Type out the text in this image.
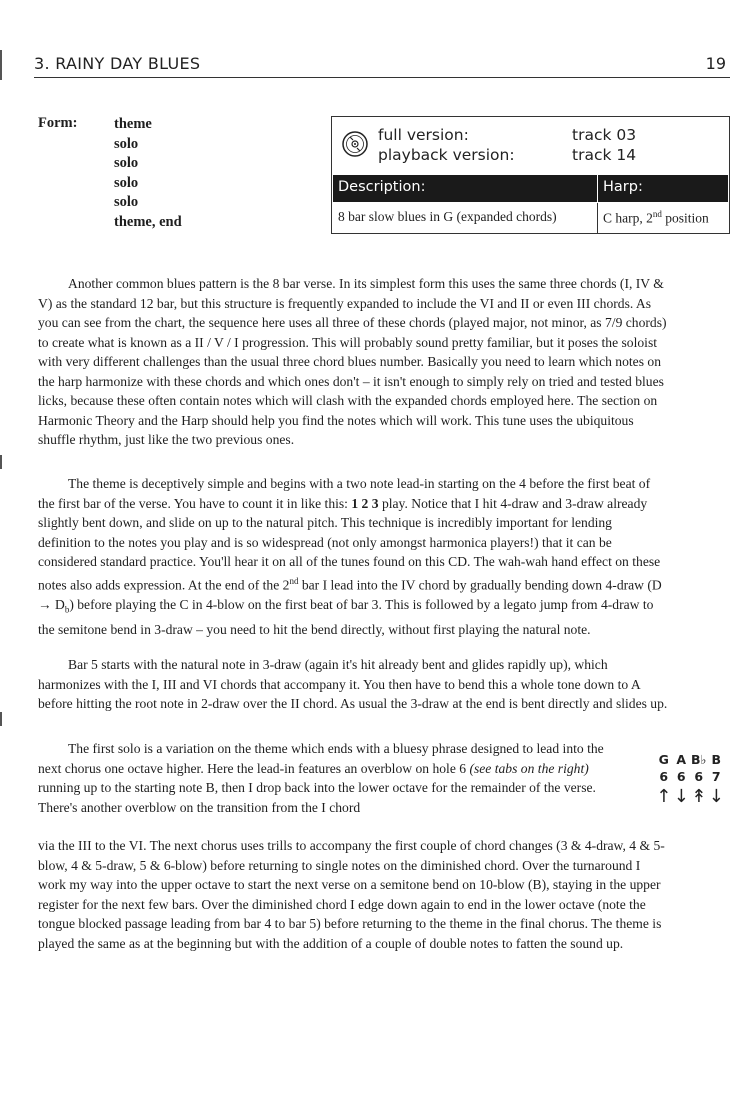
3. RAINY DAY BLUES	19
Form:	theme
solo
solo
solo
solo
theme, end
full version:	track 03
playback version:	track 14
Description:	Harp:
8 bar slow blues in G (expanded chords)	C harp, 2nd position

Another common blues pattern is the 8 bar verse. In its simplest form this uses the same three chords (I, IV & V) as the standard 12 bar, but this structure is frequently expanded to include the VI and II or even III chords. As you can see from the chart, the sequence here uses all three of these chords (played major, not minor, as 7/9 chords) to create what is known as a II / V / I progression. This will probably sound pretty familiar, but it poses the soloist with very different challenges than the usual three chord blues number. Basically you need to learn which notes on the harp harmonize with these chords and which ones don't – it isn't enough to simply rely on tried and tested blues licks, because these often contain notes which will clash with the expanded chords employed here. The section on Harmonic Theory and the Harp should help you find the notes which will work. This tune uses the ubiquitous shuffle rhythm, just like the two previous ones.

The theme is deceptively simple and begins with a two note lead-in starting on the 4 before the first beat of the first bar of the verse. You have to count it in like this: 1 2 3 play. Notice that I hit 4-draw and 3-draw already slightly bent down, and slide on up to the natural pitch. This technique is incredibly important for lending definition to the notes you play and is so widespread (not only amongst harmonica players!) that it can be considered standard practice. You'll hear it on all of the tunes found on this CD. The wah-wah hand effect on these notes also adds expression. At the end of the 2nd bar I lead into the IV chord by gradually bending down 4-draw $(D \to D_b)$ before playing the C in 4-blow on the first beat of bar 3. This is followed by a legato jump from 4-draw to the semitone bend in 3-draw – you need to hit the bend directly, without first playing the natural note.

Bar 5 starts with the natural note in 3-draw (again it's hit already bent and glides rapidly up), which harmonizes with the I, III and VI chords that accompany it. You then have to bend this a whole tone down to A before hitting the root note in 2-draw over the II chord. As usual the 3-draw at the end is bent directly and slides up.

The first solo is a variation on the theme which ends with a bluesy phrase designed to lead into the next chorus one octave higher. Here the lead-in features an overblow on hole 6 (see tabs on the right) running up to the starting note B, then I drop back into the lower octave for the remainder of the verse. There's another overblow on the transition from the I chord

via the III to the VI. The next chorus uses trills to accompany the first couple of chord changes (3 & 4-draw, 4 & 5-blow, 4 & 5-draw, 5 & 6-blow) before returning to single notes on the diminished chord. Over the turnaround I work my way into the upper octave to start the next verse on a semitone bend on 10-blow (B), staying in the upper register for the next few bars. Over the diminished chord I edge down again to end in the lower octave (note the tongue blocked passage leading from bar 4 to bar 5) before returning to the theme in the final chorus. The theme is played the same as at the beginning but with the addition of a couple of double notes to fatten the sound up.

G A B♭ B
6 6 6 7
↑ ↓ ↟ ↓
